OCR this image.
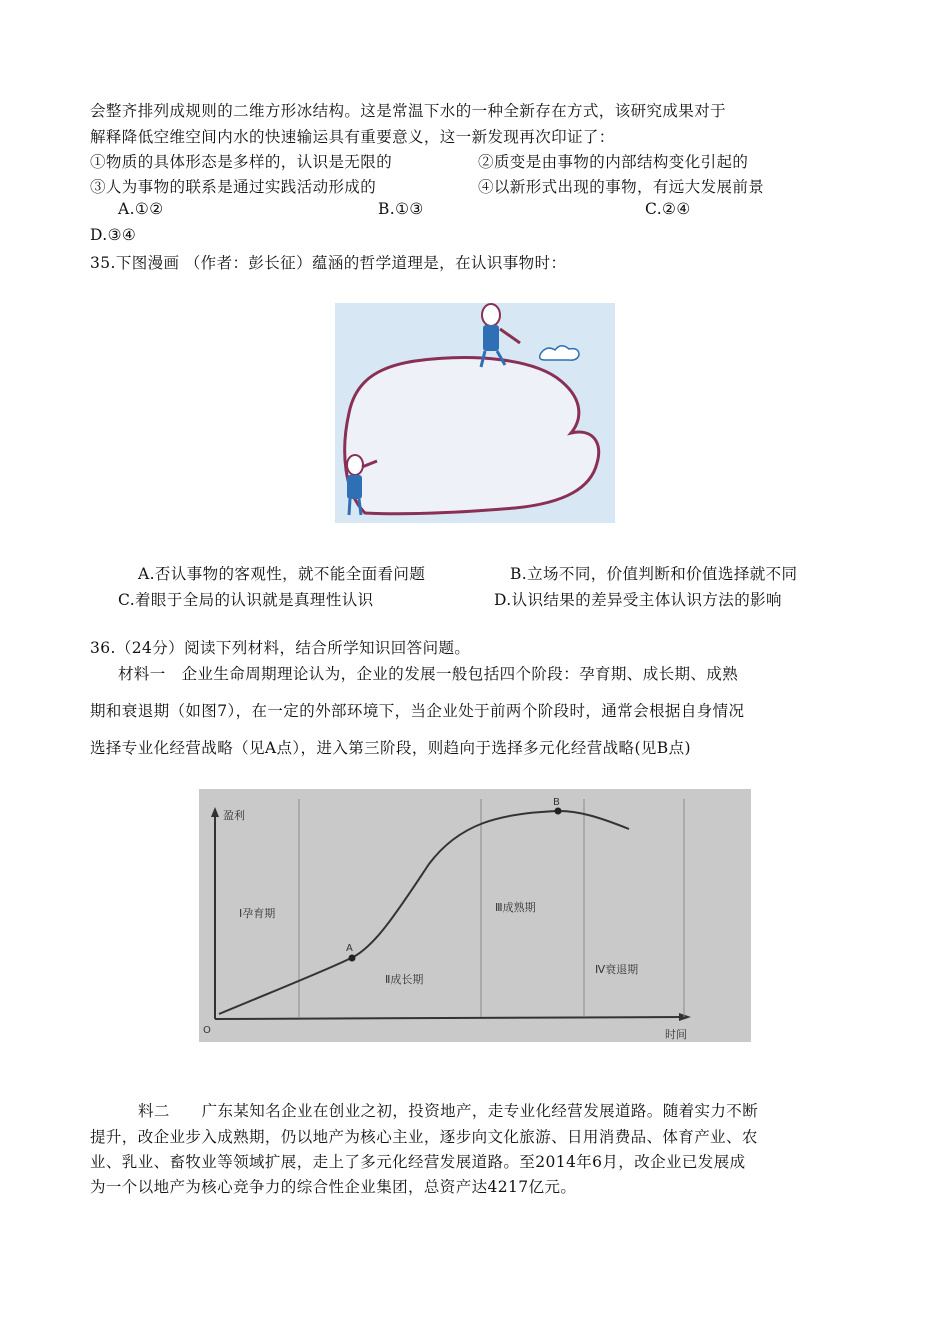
会整齐排列成规则的二维方形冰结构。这是常温下水的一种全新存在方式，该研究成果对于
解释降低空维空间内水的快速输运具有重要意义，这一新发现再次印证了：
①物质的具体形态是多样的，认识是无限的	②质变是由事物的内部结构变化引起的
③人为事物的联系是通过实践活动形成的	④以新形式出现的事物，有远大发展前景
A.①②	B.①③	C.②④
D.③④
35.下图漫画 （作者：彭长征）蕴涵的哲学道理是，在认识事物时：
A.否认事物的客观性，就不能全面看问题	B.立场不同，价值判断和价值选择就不同
C.着眼于全局的认识就是真理性认识	D.认识结果的差异受主体认识方法的影响
36.（24分）阅读下列材料，结合所学知识回答问题。
材料一　企业生命周期理论认为，企业的发展一般包括四个阶段：孕育期、成长期、成熟
期和衰退期（如图7），在一定的外部环境下，当企业处于前两个阶段时，通常会根据自身情况
选择专业化经营战略（见A点），进入第三阶段，则趋向于选择多元化经营战略(见B点)
A
B
盈利
时间
O
Ⅰ孕育期
Ⅱ成长期
Ⅲ成熟期
Ⅳ衰退期
料二　　广东某知名企业在创业之初，投资地产，走专业化经营发展道路。随着实力不断
提升，改企业步入成熟期，仍以地产为核心主业，逐步向文化旅游、日用消费品、体育产业、农
业、乳业、畜牧业等领域扩展，走上了多元化经营发展道路。至2014年6月，改企业已发展成
为一个以地产为核心竞争力的综合性企业集团，总资产达4217亿元。
